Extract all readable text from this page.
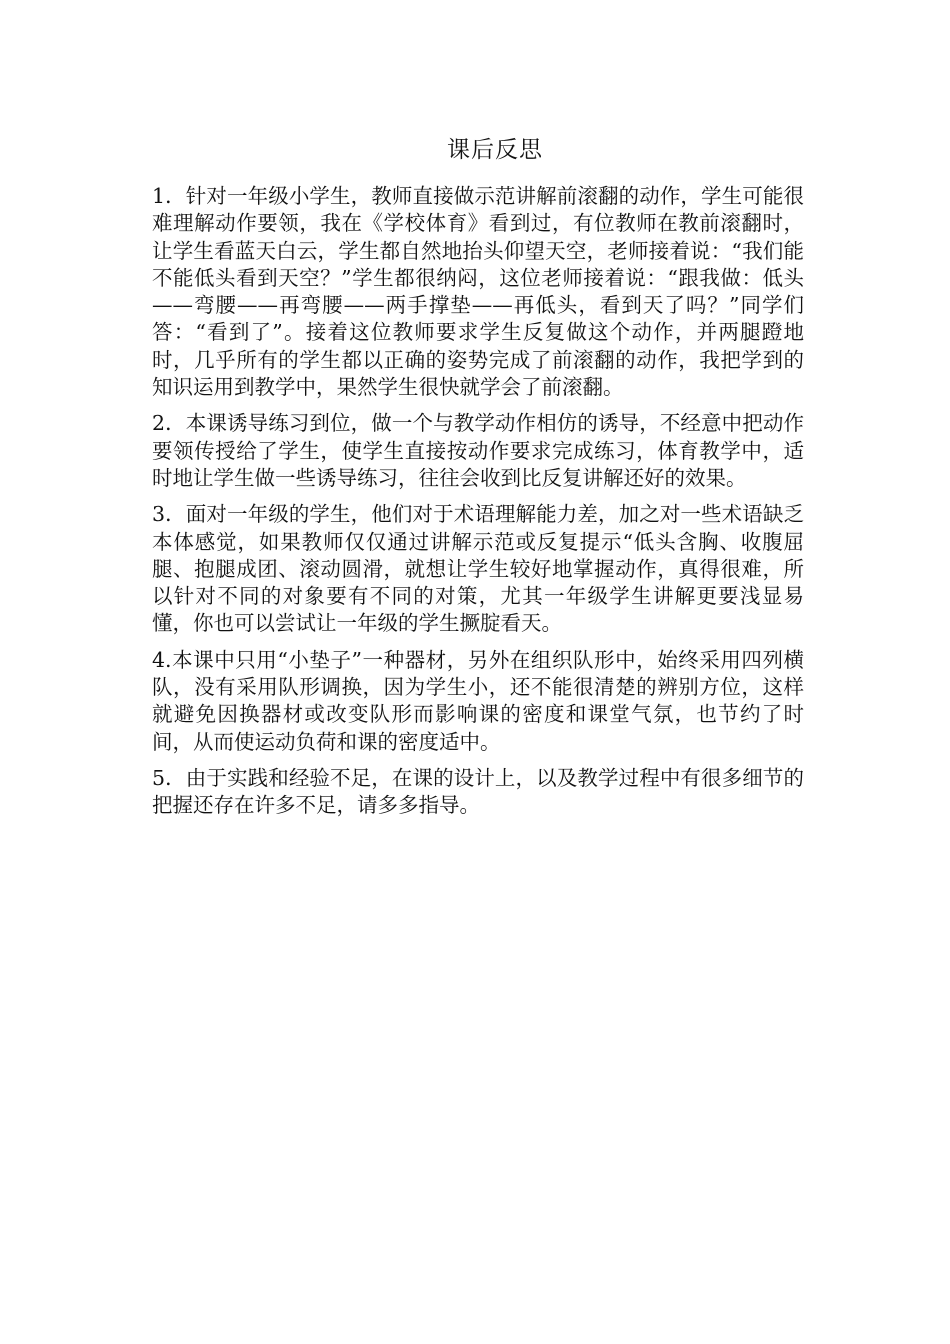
课后反思

1．针对一年级小学生，教师直接做示范讲解前滚翻的动作，学生可能很难理解动作要领，我在《学校体育》看到过，有位教师在教前滚翻时，让学生看蓝天白云，学生都自然地抬头仰望天空，老师接着说：“我们能不能低头看到天空？”学生都很纳闷，这位老师接着说：“跟我做：低头——弯腰——再弯腰——两手撑垫——再低头，看到天了吗？”同学们答：“看到了”。接着这位教师要求学生反复做这个动作，并两腿蹬地时，几乎所有的学生都以正确的姿势完成了前滚翻的动作，我把学到的知识运用到教学中，果然学生很快就学会了前滚翻。

2．本课诱导练习到位，做一个与教学动作相仿的诱导，不经意中把动作要领传授给了学生，使学生直接按动作要求完成练习，体育教学中，适时地让学生做一些诱导练习，往往会收到比反复讲解还好的效果。

3．面对一年级的学生，他们对于术语理解能力差，加之对一些术语缺乏本体感觉，如果教师仅仅通过讲解示范或反复提示“低头含胸、收腹屈腿、抱腿成团、滚动圆滑，就想让学生较好地掌握动作，真得很难，所以针对不同的对象要有不同的对策，尤其一年级学生讲解更要浅显易懂，你也可以尝试让一年级的学生撅腚看天。

4.本课中只用“小垫子”一种器材，另外在组织队形中，始终采用四列横队，没有采用队形调换，因为学生小，还不能很清楚的辨别方位，这样就避免因换器材或改变队形而影响课的密度和课堂气氛，也节约了时间，从而使运动负荷和课的密度适中。

5．由于实践和经验不足，在课的设计上，以及教学过程中有很多细节的把握还存在许多不足，请多多指导。
